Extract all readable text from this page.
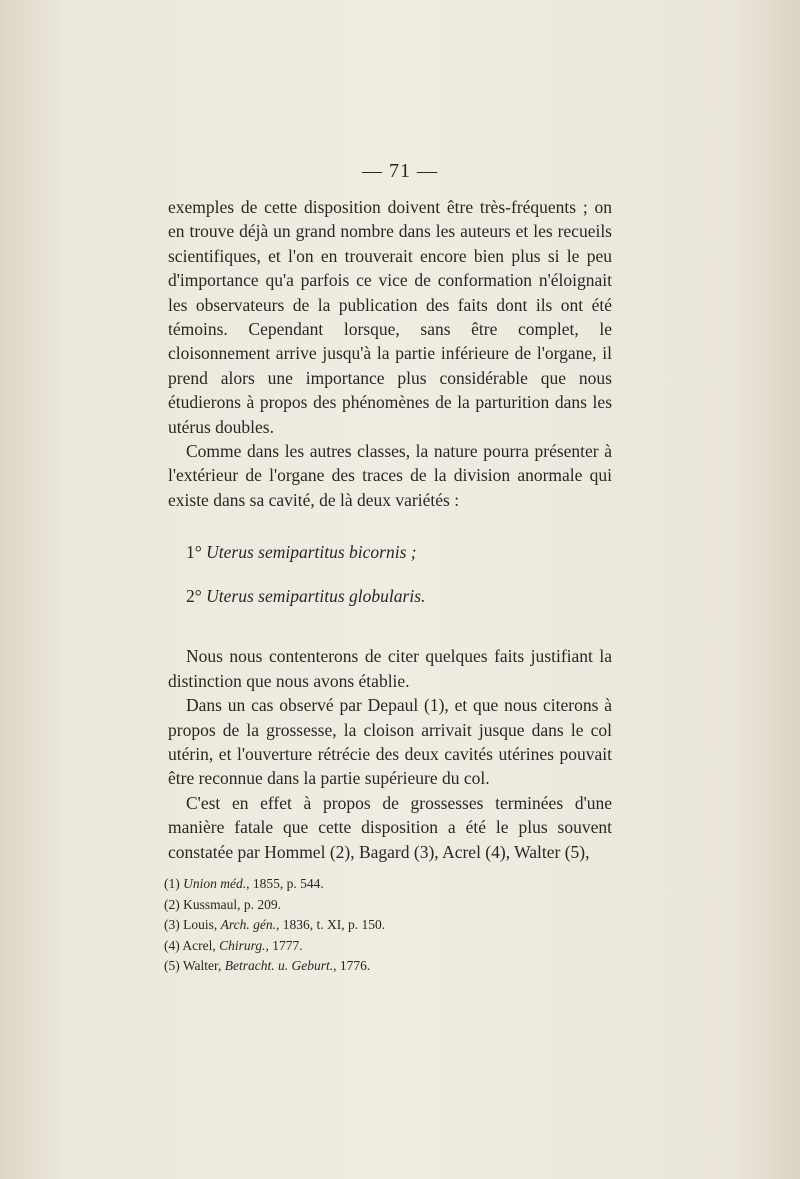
— 71 —

exemples de cette disposition doivent être très-fréquents ; on en trouve déjà un grand nombre dans les auteurs et les recueils scientifiques, et l'on en trouverait encore bien plus si le peu d'importance qu'a parfois ce vice de conformation n'éloignait les observateurs de la publication des faits dont ils ont été témoins. Cependant lorsque, sans être complet, le cloisonnement arrive jusqu'à la partie inférieure de l'organe, il prend alors une importance plus considérable que nous étudierons à propos des phénomènes de la parturition dans les utérus doubles.

Comme dans les autres classes, la nature pourra présenter à l'extérieur de l'organe des traces de la division anormale qui existe dans sa cavité, de là deux variétés :

1° Uterus semipartitus bicornis ;
2° Uterus semipartitus globularis.

Nous nous contenterons de citer quelques faits justifiant la distinction que nous avons établie.

Dans un cas observé par Depaul (1), et que nous citerons à propos de la grossesse, la cloison arrivait jusque dans le col utérin, et l'ouverture rétrécie des deux cavités utérines pouvait être reconnue dans la partie supérieure du col.

C'est en effet à propos de grossesses terminées d'une manière fatale que cette disposition a été le plus souvent constatée par Hommel (2), Bagard (3), Acrel (4), Walter (5),

(1) Union méd., 1855, p. 544.
(2) Kussmaul, p. 209.
(3) Louis, Arch. gén., 1836, t. XI, p. 150.
(4) Acrel, Chirurg., 1777.
(5) Walter, Betracht. u. Geburt., 1776.
